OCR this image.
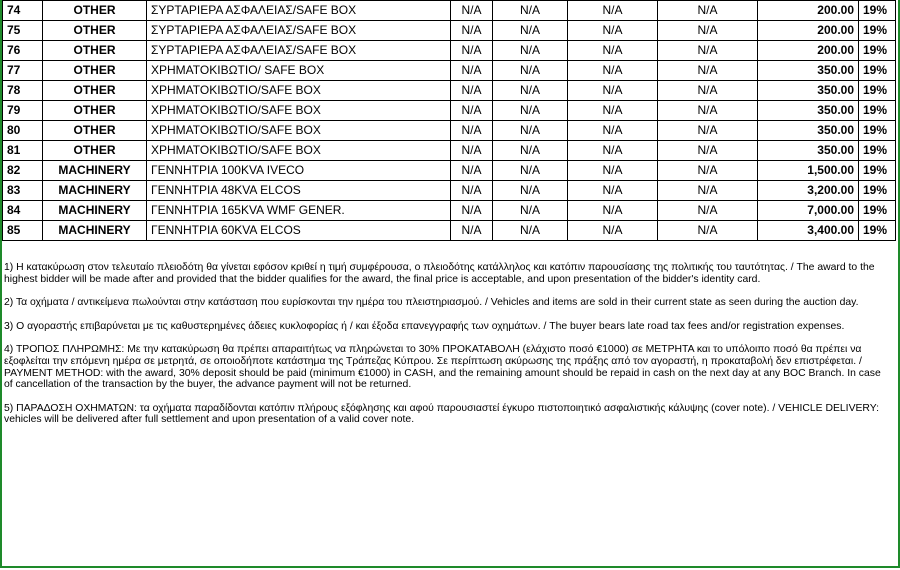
74	OTHER	ΣΥΡΤΑΡΙΕΡΑ ΑΣΦΑΛΕΙΑΣ/SAFE BOX	N/A	N/A	N/A	N/A	200.00	19%
75	OTHER	ΣΥΡΤΑΡΙΕΡΑ ΑΣΦΑΛΕΙΑΣ/SAFE BOX	N/A	N/A	N/A	N/A	200.00	19%
76	OTHER	ΣΥΡΤΑΡΙΕΡΑ ΑΣΦΑΛΕΙΑΣ/SAFE BOX	N/A	N/A	N/A	N/A	200.00	19%
77	OTHER	ΧΡΗΜΑΤΟΚΙΒΩΤΙΟ/ SAFE BOX	N/A	N/A	N/A	N/A	350.00	19%
78	OTHER	ΧΡΗΜΑΤΟΚΙΒΩΤΙΟ/SAFE BOX	N/A	N/A	N/A	N/A	350.00	19%
79	OTHER	ΧΡΗΜΑΤΟΚΙΒΩΤΙΟ/SAFE BOX	N/A	N/A	N/A	N/A	350.00	19%
80	OTHER	ΧΡΗΜΑΤΟΚΙΒΩΤΙΟ/SAFE BOX	N/A	N/A	N/A	N/A	350.00	19%
81	OTHER	ΧΡΗΜΑΤΟΚΙΒΩΤΙΟ/SAFE BOX	N/A	N/A	N/A	N/A	350.00	19%
82	MACHINERY	ΓΕΝΝΗΤΡΙΑ 100KVA IVECO	N/A	N/A	N/A	N/A	1,500.00	19%
83	MACHINERY	ΓΕΝΝΗΤΡΙΑ 48KVA ELCOS	N/A	N/A	N/A	N/A	3,200.00	19%
84	MACHINERY	ΓΕΝΝΗΤΡΙΑ 165KVA WMF GENER.	N/A	N/A	N/A	N/A	7,000.00	19%
85	MACHINERY	ΓΕΝΝΗΤΡΙΑ 60KVA ELCOS	N/A	N/A	N/A	N/A	3,400.00	19%

1) Η κατακύρωση στον τελευταίο πλειοδότη θα γίνεται εφόσον κριθεί η τιμή συμφέρουσα, ο πλειοδότης κατάλληλος και κατόπιν παρουσίασης της πολιτικής του ταυτότητας. / The award to the highest bidder will be made after and provided that the bidder qualifies for the award, the final price is acceptable, and upon presentation of the bidder's identity card.

2) Τα οχήματα / αντικείμενα πωλούνται στην κατάσταση που ευρίσκονται την ημέρα του πλειστηριασμού. / Vehicles and items are sold in their current state as seen during the auction day.

3) Ο αγοραστής επιβαρύνεται με τις καθυστερημένες άδειες κυκλοφορίας ή / και έξοδα επανεγγραφής των οχημάτων. / The buyer bears late road tax fees and/or registration expenses.

4) ΤΡΟΠΟΣ ΠΛΗΡΩΜΗΣ: Με την κατακύρωση θα πρέπει απαραιτήτως να πληρώνεται το 30% ΠΡΟΚΑΤΑΒΟΛΗ (ελάχιστο ποσό €1000) σε ΜΕΤΡΗΤΑ και το υπόλοιπο ποσό θα πρέπει να εξοφλείται την επόμενη ημέρα σε μετρητά, σε οποιοδήποτε κατάστημα της Τράπεζας Κύπρου. Σε περίπτωση ακύρωσης της πράξης από τον αγοραστή, η προκαταβολή δεν επιστρέφεται. / PAYMENT METHOD: with the award, 30% deposit should be paid (minimum €1000) in CASH, and the remaining amount should be repaid in cash on the next day at any BOC Branch. In case of cancellation of the transaction by the buyer, the advance payment will not be returned.

5) ΠΑΡΑΔΟΣΗ ΟΧΗΜΑΤΩΝ: τα οχήματα παραδίδονται κατόπιν πλήρους εξόφλησης και αφού παρουσιαστεί έγκυρο πιστοποιητικό ασφαλιστικής κάλυψης (cover note). / VEHICLE DELIVERY: vehicles will be delivered after full settlement and upon presentation of a valid cover note.
